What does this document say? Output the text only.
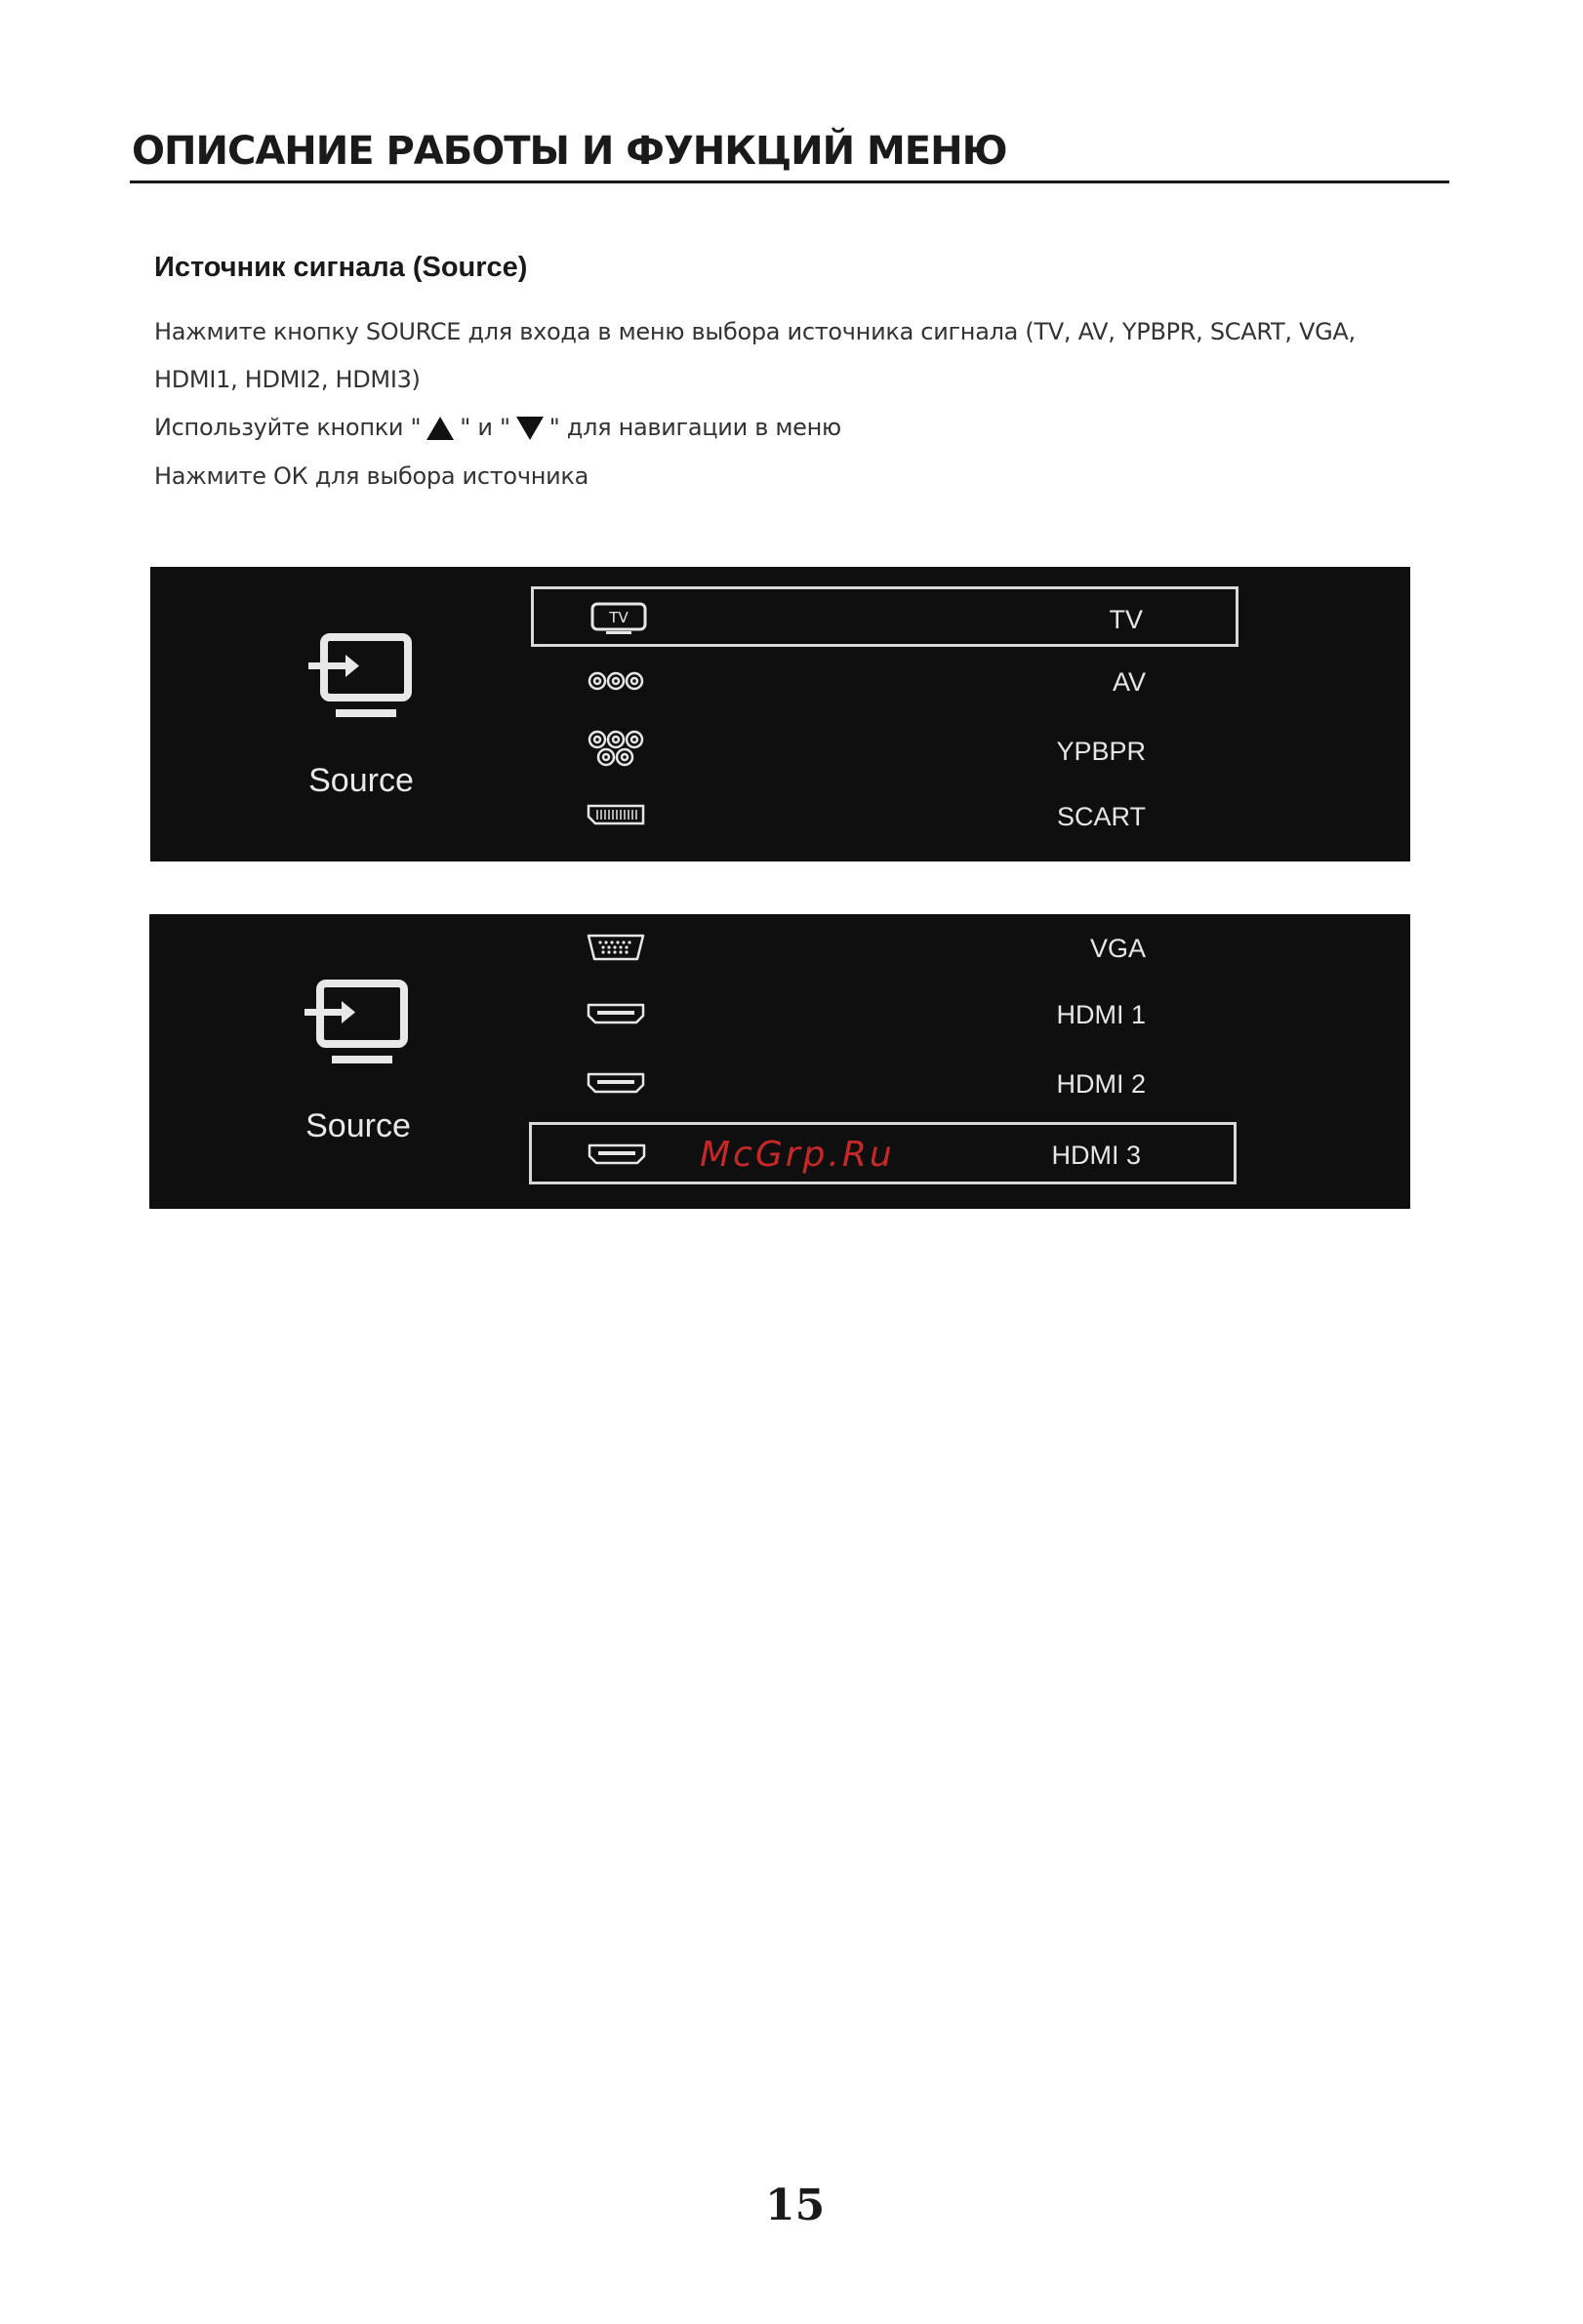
ОПИСАНИЕ РАБОТЫ И ФУНКЦИЙ МЕНЮ
Источник сигнала (Source)
Нажмите кнопку SOURCE для входа в меню выбора источника сигнала (TV, AV, YPBPR, SCART, VGA,
HDMI1, HDMI2, HDMI3)
Используйте кнопки " " и " " для навигации в меню
Нажмите ОК для выбора источника
Source
TV	TV
AV
YPBPR
SCART
Source
VGA
HDMI 1
HDMI 2
McGrp.Ru	HDMI 3
15
